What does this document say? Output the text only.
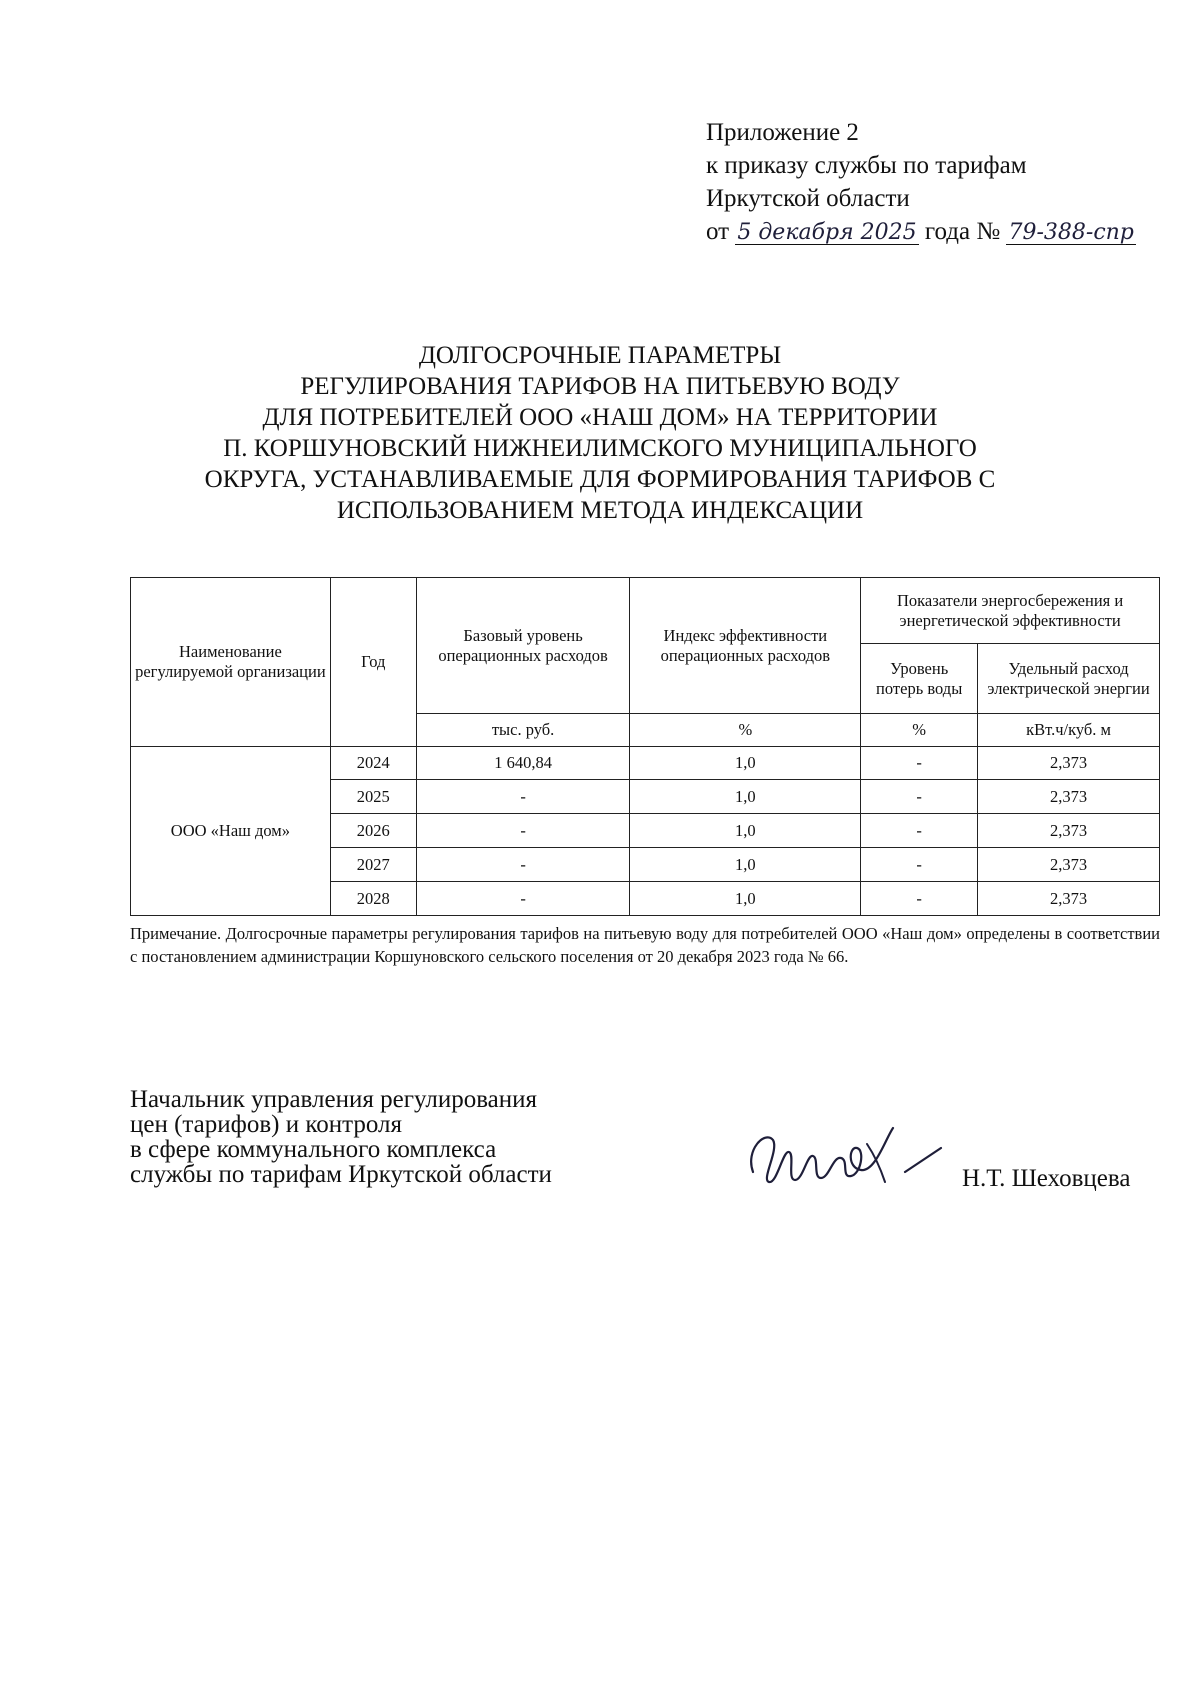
Приложение 2
к приказу службы по тарифам
Иркутской области
от 5 декабря 2025 года № 79-388-спр
ДОЛГОСРОЧНЫЕ ПАРАМЕТРЫ
РЕГУЛИРОВАНИЯ ТАРИФОВ НА ПИТЬЕВУЮ ВОДУ
ДЛЯ ПОТРЕБИТЕЛЕЙ ООО «НАШ ДОМ» НА ТЕРРИТОРИИ
П. КОРШУНОВСКИЙ НИЖНЕИЛИМСКОГО МУНИЦИПАЛЬНОГО
ОКРУГА, УСТАНАВЛИВАЕМЫЕ ДЛЯ ФОРМИРОВАНИЯ ТАРИФОВ С
ИСПОЛЬЗОВАНИЕМ МЕТОДА ИНДЕКСАЦИИ
Наименование регулируемой организации	Год	Базовый уровень операционных расходов	Индекс эффективности операционных расходов	Показатели энергосбережения и энергетической эффективности	
				Уровень потерь воды	Удельный расход электрической энергии
		тыс. руб.	%	%	кВт.ч/куб. м
ООО «Наш дом»	2024	1 640,84	1,0	-	2,373
	2025	-	1,0	-	2,373
	2026	-	1,0	-	2,373
	2027	-	1,0	-	2,373
	2028	-	1,0	-	2,373
Примечание. Долгосрочные параметры регулирования тарифов на питьевую воду для потребителей ООО «Наш дом» определены в соответствии с постановлением администрации Коршуновского сельского поселения от 20 декабря 2023 года № 66.
Начальник управления регулирования
цен (тарифов) и контроля
в сфере коммунального комплекса
службы по тарифам Иркутской области	Н.Т. Шеховцева
